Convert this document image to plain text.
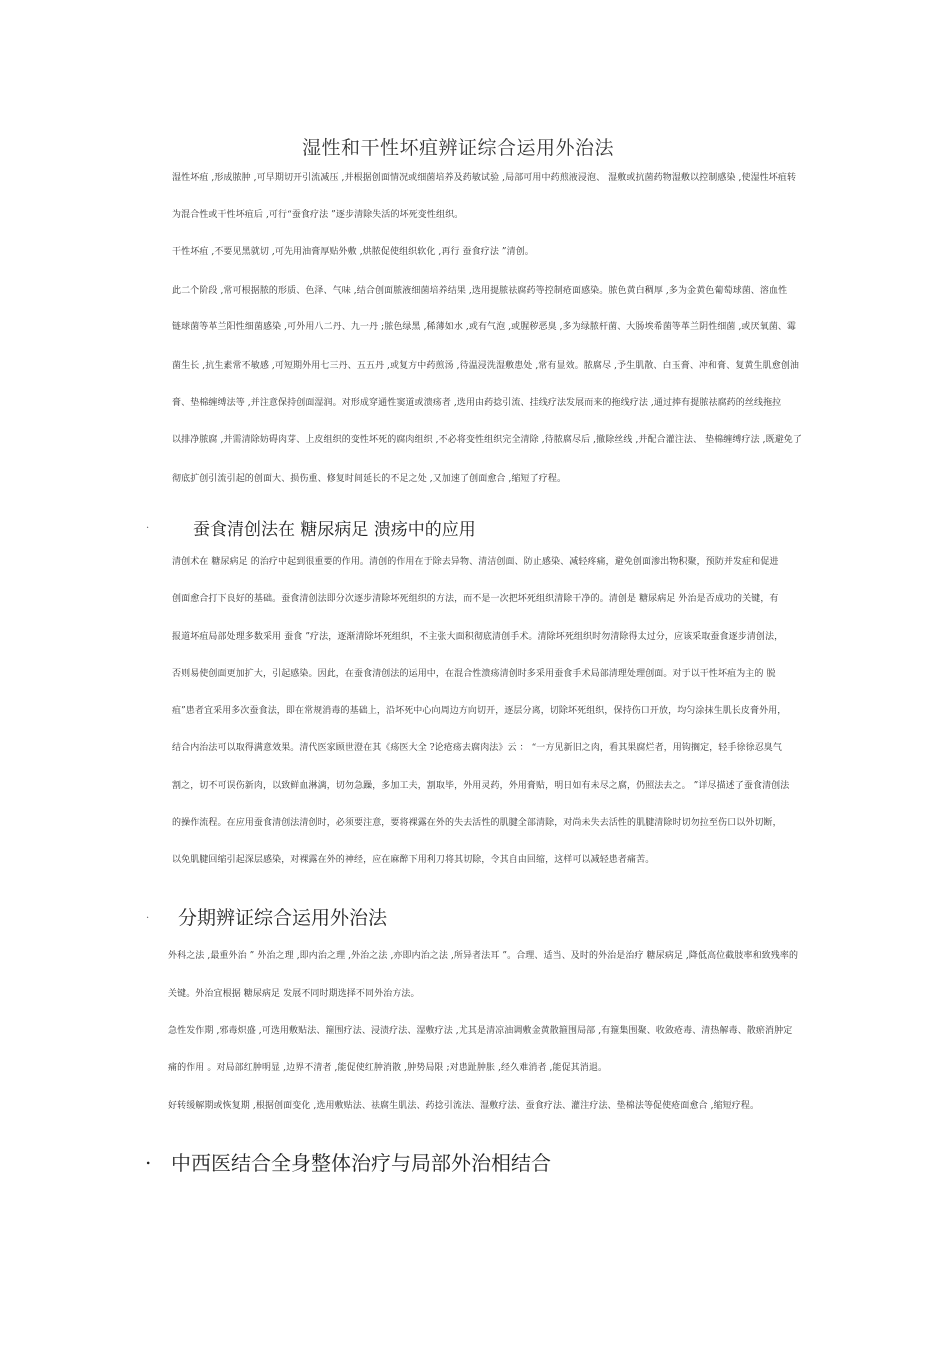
湿性和干性坏疽辨证综合运用外治法
湿性坏疽 ,形成脓肿 ,可早期切开引流减压 ,并根据创面情况或细菌培养及药敏试验 ,局部可用中药煎液浸泡、 湿敷或抗菌药物湿敷以控制感染 ,使湿性坏疽转
为混合性或干性坏疽后 ,可行“蚕食疗法 ”逐步清除失活的坏死变性组织。
干性坏疽 ,不要见黑就切 ,可先用油膏厚贴外敷 ,烘脓促使组织软化 ,再行 蚕食疗法 ”清创。
此二个阶段 ,常可根据脓的形质、色泽、气味 ,结合创面脓液细菌培养结果 ,选用提脓祛腐药等控制疮面感染。脓色黄白稠厚 ,多为金黄色葡萄球菌、溶血性
链球菌等革兰阳性细菌感染 ,可外用八二丹、九一丹 ;脓色绿黑 ,稀薄如水 ,或有气泡 ,或腥秽恶臭 ,多为绿脓杆菌、大肠埃希菌等革兰阴性细菌 ,或厌氧菌、霉
菌生长 ,抗生素常不敏感 ,可短期外用七三丹、五五丹 ,或复方中药煎汤 ,待温浸洗湿敷患处 ,常有显效。脓腐尽 ,予生肌散、白玉膏、冲和膏、复黄生肌愈创油
膏、垫棉缠缚法等 ,并注意保持创面湿润。对形成穿通性窦道或溃疡者 ,选用由药捻引流、挂线疗法发展而来的拖线疗法 ,通过捧有提脓祛腐药的丝线拖拉
以排净脓腐 ,并需清除妨碍肉芽、上皮组织的变性坏死的腐肉组织 ,不必将变性组织完全清除 ,待脓腐尽后 ,撤除丝线 ,并配合灌注法、 垫棉缠缚疗法 ,既避免了
彻底扩创引流引起的创面大、损伤重、修复时间延长的不足之处 ,又加速了创面愈合 ,缩短了疗程。
·	蚕食清创法在 糖尿病足 溃疡中的应用
清创术在 糖尿病足 的治疗中起到很重要的作用。清创的作用在于除去异物、清洁创面、防止感染、减轻疼痛，避免创面渗出物积聚，预防并发症和促进
创面愈合打下良好的基础。蚕食清创法即分次逐步清除坏死组织的方法，而不是一次把坏死组织清除干净的。清创是 糖尿病足 外治是否成功的关键，有
报道坏疽局部处理多数采用 蚕食 ”疗法，逐渐清除坏死组织，不主张大面积彻底清创手术。清除坏死组织时勿清除得太过分，应该采取蚕食逐步清创法，
否则易使创面更加扩大，引起感染。因此，在蚕食清创法的运用中，在混合性溃疡清创时多采用蚕食手术局部清理处理创面。对于以干性坏疽为主的 脱
疽”患者宜采用多次蚕食法，即在常规消毒的基础上，沿坏死中心向周边方向切开，逐层分离，切除坏死组织，保持伤口开放，均匀涂抹生肌长皮膏外用，
结合内治法可以取得满意效果。清代医家顾世澄在其《疡医大全 ?论疮疡去腐肉法》云 ： “一方见新旧之肉，看其果腐烂者，用钩搁定，轻手徐徐忍臭气
割之，切不可误伤新肉，以致鲜血淋漓，切勿急躁，多加工夫，割取毕，外用灵药，外用膏贴，明日如有未尽之腐，仍照法去之。 ”详尽描述了蚕食清创法
的操作流程。在应用蚕食清创法清创时，必须要注意，要将裸露在外的失去活性的肌腱全部清除，对尚未失去活性的肌腱清除时切勿拉至伤口以外切断，
以免肌腱回缩引起深层感染，对裸露在外的神经，应在麻醉下用利刀将其切除，令其自由回缩，这样可以减轻患者痛苦。
· 分期辨证综合运用外治法
外科之法 ,最重外治 ” 外治之理 ,即内治之理 ,外治之法 ,亦即内治之法 ,所异者法耳 ”。合理、适当、及时的外治是治疗 糖尿病足 ,降低高位截肢率和致残率的
关键。外治宜根据 糖尿病足 发展不同时期选择不同外治方法。
急性发作期 ,邪毒炽盛 ,可选用敷贴法、箍围疗法、浸渍疗法、湿敷疗法 ,尤其是清凉油调敷金黄散箍围局部 ,有箍集围聚、收敛疮毒、清热解毒、散瘀消肿定
痛的作用 。对局部红肿明显 ,边界不清者 ,能促使红肿消散 ,肿势局限 ;对患趾肿胀 ,经久难消者 ,能促其消退。
好转缓解期或恢复期 ,根据创面变化 ,选用敷贴法、祛腐生肌法、药捻引流法、湿敷疗法、蚕食疗法、灌注疗法、垫棉法等促使疮面愈合 ,缩短疗程。
. 中西医结合全身整体治疗与局部外治相结合
